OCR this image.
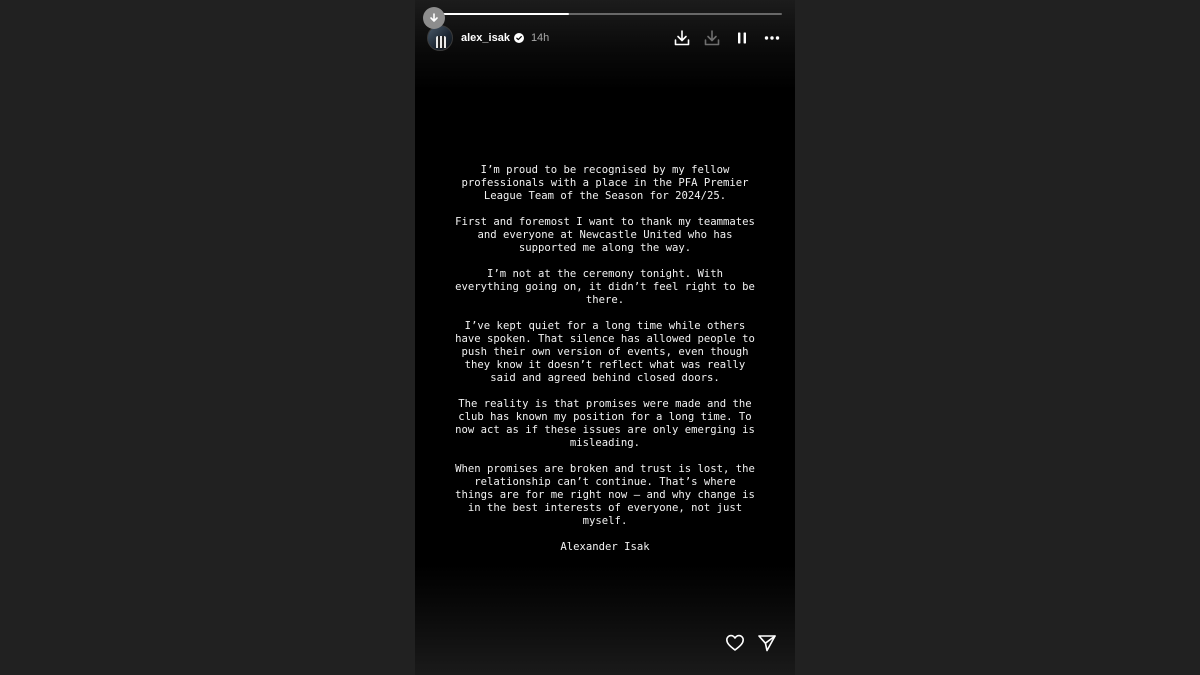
alex_isak 14h

I’m proud to be recognised by my fellow
professionals with a place in the PFA Premier
League Team of the Season for 2024/25.

First and foremost I want to thank my teammates
and everyone at Newcastle United who has
supported me along the way.

I’m not at the ceremony tonight. With
everything going on, it didn’t feel right to be
there.

I’ve kept quiet for a long time while others
have spoken. That silence has allowed people to
push their own version of events, even though
they know it doesn’t reflect what was really
said and agreed behind closed doors.

The reality is that promises were made and the
club has known my position for a long time. To
now act as if these issues are only emerging is
misleading.

When promises are broken and trust is lost, the
relationship can’t continue. That’s where
things are for me right now – and why change is
in the best interests of everyone, not just
myself.

Alexander Isak
